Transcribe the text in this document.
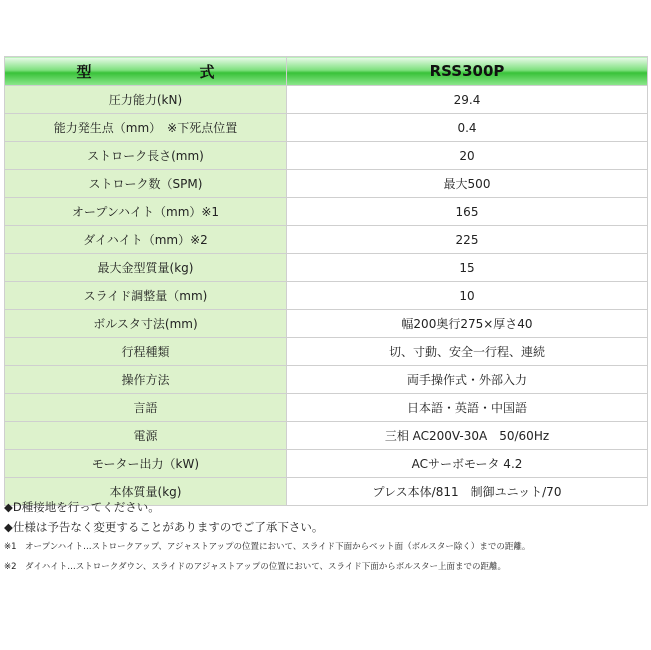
型　　式	RSS300P
圧力能力(kN)	29.4
能力発生点（mm）　※下死点位置	0.4
ストローク長さ(mm)	20
ストローク数（SPM)	最大500
オープンハイト（mm）※1	165
ダイハイト（mm）※2	225
最大金型質量(kg)	15
スライド調整量（mm)	10
ボルスタ寸法(mm)	幅200奥行275×厚さ40
行程種類	切、寸動、安全一行程、連続
操作方法	両手操作式・外部入力
言語	日本語・英語・中国語
電源	三相 AC200V-30A　50/60Hz
モーター出力（kW)	ACサーボモータ 4.2
本体質量(kg)	プレス本体/811　制御ユニット/70
◆D種接地を行ってください。
◆仕様は予告なく変更することがありますのでご了承下さい。
※1　オープンハイト…ストロークアップ、アジャストアップの位置において、スライド下面からベット面（ボルスター除く）までの距離。
※2　ダイハイト…ストロークダウン、スライドのアジャストアップの位置において、スライド下面からボルスター上面までの距離。
